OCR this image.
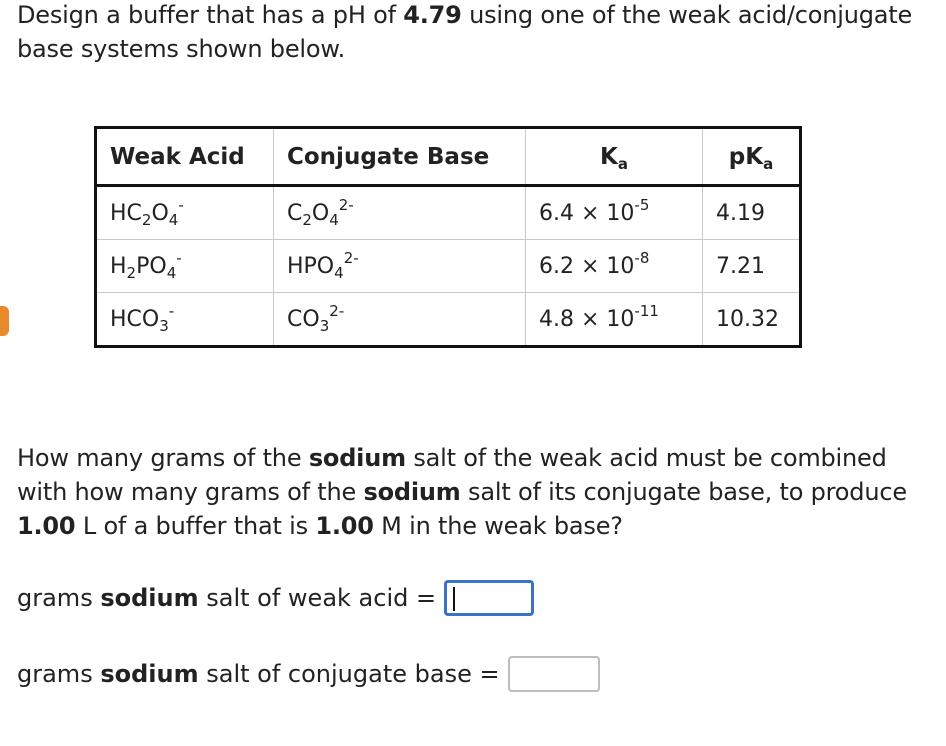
Design a buffer that has a pH of 4.79 using one of the weak acid/conjugate base systems shown below.
Weak Acid	Conjugate Base	$K_a$	$pK_a$
$HC_2O_4^-$	$C_2O_4^{2-}$	$6.4 \times 10^{-5}$	4.19
$H_2PO_4^-$	$HPO_4^{2-}$	$6.2 \times 10^{-8}$	7.21
$HCO_3^-$	$CO_3^{2-}$	$4.8 \times 10^{-11}$	10.32
How many grams of the sodium salt of the weak acid must be combined with how many grams of the sodium salt of its conjugate base, to produce 1.00 L of a buffer that is 1.00 M in the weak base?
grams sodium salt of weak acid =
grams sodium salt of conjugate base =
